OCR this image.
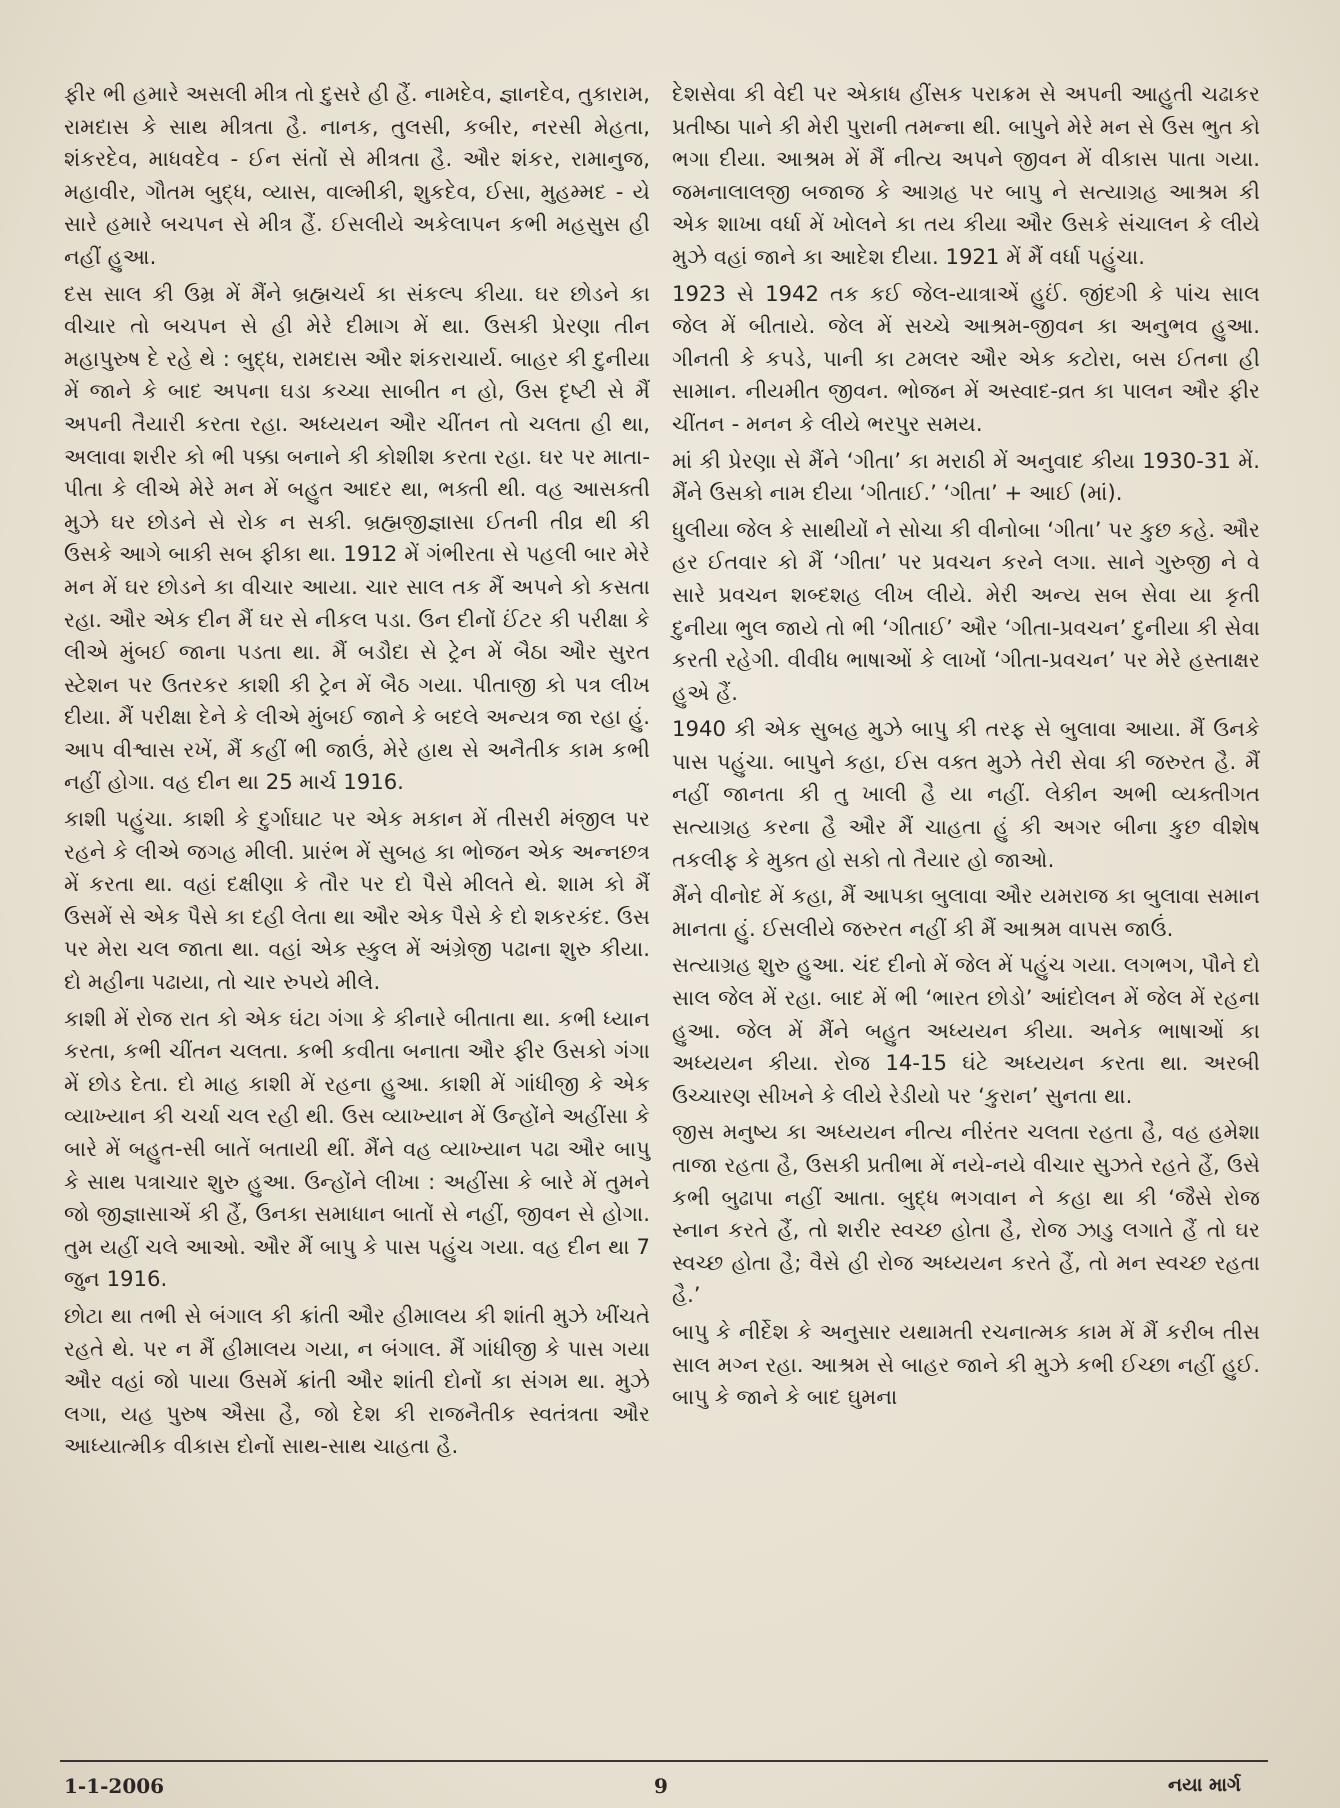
ફીર ભી હમારે અસલી મીત્ર તો દુસરે હી હૈં. નામદેવ, જ્ઞાનદેવ, તુકારામ, રામદાસ કે સાથ મીત્રતા હૈ. નાનક, તુલસી, કબીર, નરસી મેહતા, શંકરદેવ, માધવદેવ - ઈન સંતોં સે મીત્રતા હૈ. ઔર શંકર, રામાનુજ, મહાવીર, ગૌતમ બુદ્ધ, વ્યાસ, વાલ્મીકી, શુકદેવ, ઈસા, મુહમ્મદ - યે સારે હમારે બચપન સે મીત્ર હૈં. ઈસલીયે અકેલાપન કભી મહસુસ હી નહીં હુઆ.

દસ સાલ કી ઉમ્ર મેં મૈંને બ્રહ્મચર્ય કા સંકલ્પ કીયા. ઘર છોડને કા વીચાર તો બચપન સે હી મેરે દીમાગ મેં થા. ઉસકી પ્રેરણા તીન મહાપુરુષ દે રહે થે : બુદ્ધ, રામદાસ ઔર શંકરાચાર્ય. બાહર કી દુનીયા મેં જાને કે બાદ અપના ઘડા કચ્ચા સાબીત ન હો, ઉસ દૃષ્ટી સે મૈં અપની તૈયારી કરતા રહા. અધ્યયન ઔર ચીંતન તો ચલતા હી થા, અલાવા શરીર કો ભી પક્કા બનાને કી કોશીશ કરતા રહા. ઘર પર માતા-પીતા કે લીએ મેરે મન મેં બહુત આદર થા, ભક્તી થી. વહ આસક્તી મુઝે ઘર છોડને સે રોક ન સકી. બ્રહ્મજીજ્ઞાસા ઈતની તીવ્ર થી કી ઉસકે આગે બાકી સબ ફીકા થા. 1912 મેં ગંભીરતા સે પહલી બાર મેરે મન મેં ઘર છોડને કા વીચાર આયા. ચાર સાલ તક મૈં અપને કો કસતા રહા. ઔર એક દીન મૈં ઘર સે નીકલ પડા. ઉન દીનોં ઈંટર કી પરીક્ષા કે લીએ મુંબઈ જાના પડતા થા. મૈં બડૌદા સે ટ્રેન મેં બૈઠા ઔર સુરત સ્ટેશન પર ઉતરકર કાશી કી ટ્રેન મેં બૈઠ ગયા. પીતાજી કો પત્ર લીખ દીયા. મૈં પરીક્ષા દેને કે લીએ મુંબઈ જાને કે બદલે અન્યત્ર જા રહા હું. આપ વીશ્વાસ રખેં, મૈં કહીં ભી જાઉં, મેરે હાથ સે અનૈતીક કામ કભી નહીં હોગા. વહ દીન થા 25 માર્ચ 1916.

કાશી પહુંચા. કાશી કે દુર્ગાઘાટ પર એક મકાન મેં તીસરી મંજીલ પર રહને કે લીએ જગહ મીલી. પ્રારંભ મેં સુબહ કા ભોજન એક અન્નછત્ર મેં કરતા થા. વહાં દક્ષીણા કે તૌર પર દો પૈસે મીલતે થે. શામ કો મૈં ઉસમેં સે એક પૈસે કા દહી લેતા થા ઔર એક પૈસે કે દો શકરકંદ. ઉસ પર મેરા ચલ જાતા થા. વહાં એક સ્કુલ મેં અંગ્રેજી પઢાના શુરુ કીયા. દો મહીના પઢાયા, તો ચાર રુપયે મીલે.

કાશી મેં રોજ રાત કો એક ઘંટા ગંગા કે કીનારે બીતાતા થા. કભી ધ્યાન કરતા, કભી ચીંતન ચલતા. કભી કવીતા બનાતા ઔર ફીર ઉસકો ગંગા મેં છોડ દેતા. દો માહ કાશી મેં રહના હુઆ. કાશી મેં ગાંધીજી કે એક વ્યાખ્યાન કી ચર્ચા ચલ રહી થી. ઉસ વ્યાખ્યાન મેં ઉન્હોંને અહીંસા કે બારે મેં બહુત-સી બાતેં બતાયી થીં. મૈંને વહ વ્યાખ્યાન પઢા ઔર બાપુ કે સાથ પત્રાચાર શુરુ હુઆ. ઉન્હોંને લીખા : અહીંસા કે બારે મેં તુમને જો જીજ્ઞાસાએં કી હૈં, ઉનકા સમાધાન બાતોં સે નહીં, જીવન સે હોગા. તુમ યહીં ચલે આઓ. ઔર મૈં બાપુ કે પાસ પહુંચ ગયા. વહ દીન થા 7 જુન 1916.

છોટા થા તભી સે બંગાલ કી ક્રાંતી ઔર હીમાલય કી શાંતી મુઝે ખીંચતે રહતે થે. પર ન મૈં હીમાલય ગયા, ન બંગાલ. મૈં ગાંધીજી કે પાસ ગયા ઔર વહાં જો પાયા ઉસમેં ક્રાંતી ઔર શાંતી દોનોં કા સંગમ થા. મુઝે લગા, યહ પુરુષ ઐસા હૈ, જો દેશ કી રાજનૈતીક સ્વતંત્રતા ઔર આધ્યાત્મીક વીકાસ દોનોં સાથ-સાથ ચાહતા હૈ.

દેશસેવા કી વેદી પર એકાધ હીંસક પરાક્રમ સે અપની આહુતી ચઢાકર પ્રતીષ્ઠા પાને કી મેરી પુરાની તમન્ના થી. બાપુને મેરે મન સે ઉસ ભુત કો ભગા દીયા. આશ્રમ મેં મૈં નીત્ય અપને જીવન મેં વીકાસ પાતા ગયા. જમનાલાલજી બજાજ કે આગ્રહ પર બાપુ ને સત્યાગ્રહ આશ્રમ કી એક શાખા વર્ધા મેં ખોલને કા તય કીયા ઔર ઉસકે સંચાલન કે લીયે મુઝે વહાં જાને કા આદેશ દીયા. 1921 મેં મૈં વર્ધા પહુંચા.

1923 સે 1942 તક કઈ જેલ-યાત્રાએં હુઈં. જીંદગી કે પાંચ સાલ જેલ મેં બીતાયે. જેલ મેં સચ્ચે આશ્રમ-જીવન કા અનુભવ હુઆ. ગીનતી કે કપડે, પાની કા ટમલર ઔર એક કટોરા, બસ ઈતના હી સામાન. નીયમીત જીવન. ભોજન મેં અસ્વાદ-વ્રત કા પાલન ઔર ફીર ચીંતન - મનન કે લીયે ભરપુર સમય.

માં કી પ્રેરણા સે મૈંને ‘ગીતા’ કા મરાઠી મેં અનુવાદ કીયા 1930-31 મેં. મૈંને ઉસકો નામ દીયા ‘ગીતાઈ.’ ‘ગીતા’ + આઈ (માં).

ધુલીયા જેલ કે સાથીયોં ને સોચા કી વીનોબા ‘ગીતા’ પર કુછ કહે. ઔર હર ઈતવાર કો મૈં ‘ગીતા’ પર પ્રવચન કરને લગા. સાને ગુરુજી ને વે સારે પ્રવચન શબ્દશહ લીખ લીયે. મેરી અન્ય સબ સેવા યા કૃતી દુનીયા ભુલ જાયે તો ભી ‘ગીતાઈ’ ઔર ‘ગીતા-પ્રવચન’ દુનીયા કી સેવા કરતી રહેગી. વીવીધ ભાષાઓં કે લાખોં ‘ગીતા-પ્રવચન’ પર મેરે હસ્તાક્ષર હુએ હૈં.

1940 કી એક સુબહ મુઝે બાપુ કી તરફ સે બુલાવા આયા. મૈં ઉનકે પાસ પહુંચા. બાપુને કહા, ઈસ વક્ત મુઝે તેરી સેવા કી જરુરત હૈ. મૈં નહીં જાનતા કી તુ ખાલી હૈ યા નહીં. લેકીન અભી વ્યક્તીગત સત્યાગ્રહ કરના હૈ ઔર મૈં ચાહતા હું કી અગર બીના કુછ વીશેષ તકલીફ કે મુક્ત હો સકો તો તૈયાર હો જાઓ.

મૈંને વીનોદ મેં કહા, મૈં આપકા બુલાવા ઔર યમરાજ કા બુલાવા સમાન માનતા હું. ઈસલીયે જરુરત નહીં કી મૈં આશ્રમ વાપસ જાઉં.

સત્યાગ્રહ શુરુ હુઆ. ચંદ દીનો મેં જેલ મેં પહુંચ ગયા. લગભગ, પૌને દો સાલ જેલ મેં રહા. બાદ મેં ભી ‘ભારત છોડો’ આંદોલન મેં જેલ મેં રહના હુઆ. જેલ મેં મૈંને બહુત અધ્યયન કીયા. અનેક ભાષાઓં કા અધ્યયન કીયા. રોજ 14-15 ઘંટે અધ્યયન કરતા થા. અરબી ઉચ્ચારણ સીખને કે લીયે રેડીયો પર ‘કુરાન’ સુનતા થા.

જીસ મનુષ્ય કા અધ્યયન નીત્ય નીરંતર ચલતા રહતા હૈ, વહ હમેશા તાજા રહતા હૈ, ઉસકી પ્રતીભા મેં નયે-નયે વીચાર સુઝતે રહતે હૈં, ઉસે કભી બુઢાપા નહીં આતા. બુદ્ધ ભગવાન ને કહા થા કી ‘જૈસે રોજ સ્નાન કરતે હૈં, તો શરીર સ્વચ્છ હોતા હૈ, રોજ ઝાડુ લગાતે હૈં તો ઘર સ્વચ્છ હોતા હૈ; વૈસે હી રોજ અધ્યયન કરતે હૈં, તો મન સ્વચ્છ રહતા હૈ.’

બાપુ કે નીર્દેશ કે અનુસાર યથામતી રચનાત્મક કામ મેં મૈં કરીબ તીસ સાલ મગ્ન રહા. આશ્રમ સે બાહર જાને કી મુઝે કભી ઈચ્છા નહીં હુઈ. બાપુ કે જાને કે બાદ ઘુમના

1-1-2006	9	નયા માર્ગ
